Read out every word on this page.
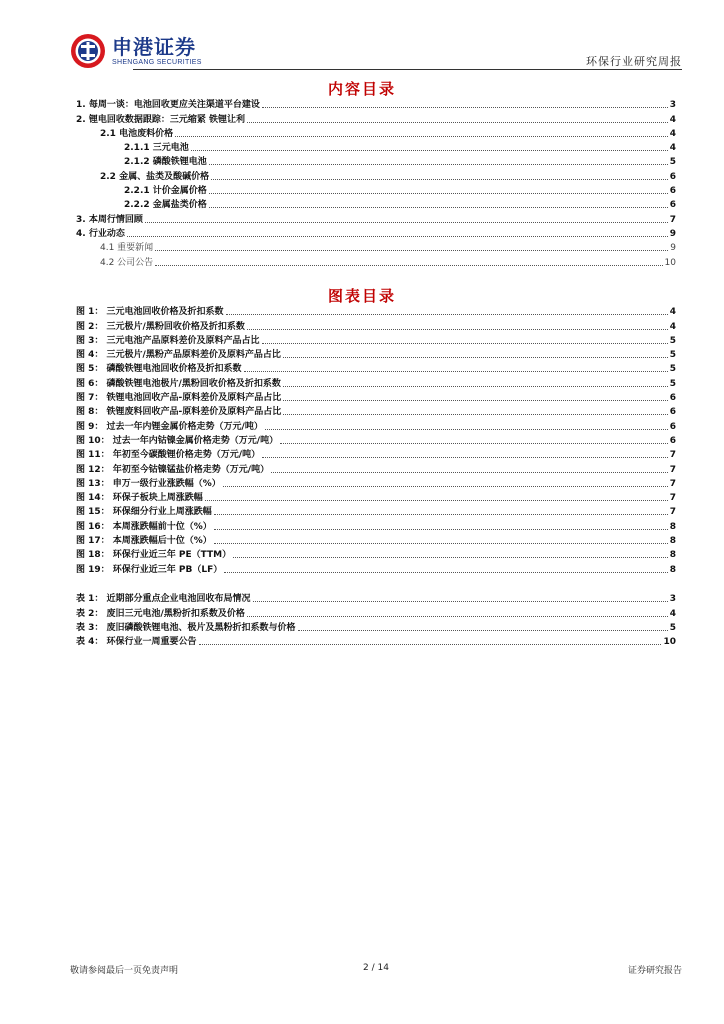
申港证券
SHENGANG SECURITIES	环保行业研究周报
内容目录
1. 每周一谈：电池回收更应关注渠道平台建设	3
2. 锂电回收数据跟踪：三元缩紧 铁锂让利	4
2.1 电池废料价格	4
2.1.1 三元电池	4
2.1.2 磷酸铁锂电池	5
2.2 金属、盐类及酸碱价格	6
2.2.1 计价金属价格	6
2.2.2 金属盐类价格	6
3. 本周行情回顾	7
4. 行业动态	9
4.1 重要新闻	9
4.2 公司公告	10
图表目录
图 1： 三元电池回收价格及折扣系数	4
图 2： 三元极片/黑粉回收价格及折扣系数	4
图 3： 三元电池产品原料差价及原料产品占比	5
图 4： 三元极片/黑粉产品原料差价及原料产品占比	5
图 5： 磷酸铁锂电池回收价格及折扣系数	5
图 6： 磷酸铁锂电池极片/黑粉回收价格及折扣系数	5
图 7： 铁锂电池回收产品-原料差价及原料产品占比	6
图 8： 铁锂废料回收产品-原料差价及原料产品占比	6
图 9： 过去一年内锂金属价格走势（万元/吨）	6
图 10： 过去一年内钴镍金属价格走势（万元/吨）	6
图 11： 年初至今碳酸锂价格走势（万元/吨）	7
图 12： 年初至今钴镍锰盐价格走势（万元/吨）	7
图 13： 申万一级行业涨跌幅（%）	7
图 14： 环保子板块上周涨跌幅	7
图 15： 环保细分行业上周涨跌幅	7
图 16： 本周涨跌幅前十位（%）	8
图 17： 本周涨跌幅后十位（%）	8
图 18： 环保行业近三年 PE（TTM）	8
图 19： 环保行业近三年 PB（LF）	8
表 1： 近期部分重点企业电池回收布局情况	3
表 2： 废旧三元电池/黑粉折扣系数及价格	4
表 3： 废旧磷酸铁锂电池、极片及黑粉折扣系数与价格	5
表 4： 环保行业一周重要公告	10
敬请参阅最后一页免责声明	2 / 14	证券研究报告
